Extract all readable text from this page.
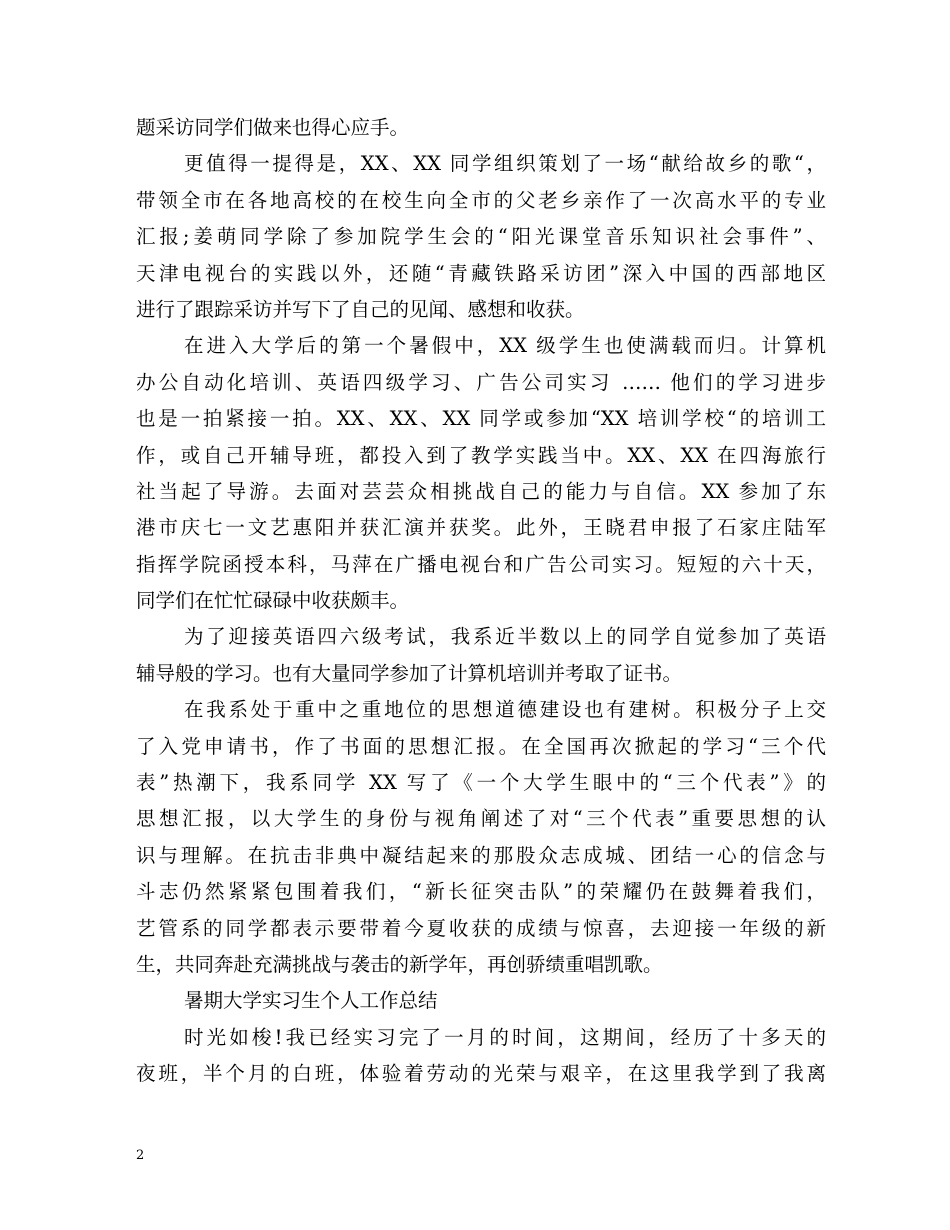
题采访同学们做来也得心应手。
更值得一提得是，XX、XX 同学组织策划了一场“献给故乡的歌“，
带领全市在各地高校的在校生向全市的父老乡亲作了一次高水平的专业
汇报;姜萌同学除了参加院学生会的“阳光课堂音乐知识社会事件”、
天津电视台的实践以外，还随“青藏铁路采访团”深入中国的西部地区
进行了跟踪采访并写下了自己的见闻、感想和收获。
在进入大学后的第一个暑假中，XX 级学生也使满载而归。计算机
办公自动化培训、英语四级学习、广告公司实习 …… 他们的学习进步
也是一拍紧接一拍。XX、XX、XX 同学或参加“XX 培训学校“的培训工
作，或自己开辅导班，都投入到了教学实践当中。XX、XX 在四海旅行
社当起了导游。去面对芸芸众相挑战自己的能力与自信。XX 参加了东
港市庆七一文艺惠阳并获汇演并获奖。此外，王晓君申报了石家庄陆军
指挥学院函授本科，马萍在广播电视台和广告公司实习。短短的六十天，
同学们在忙忙碌碌中收获颇丰。
为了迎接英语四六级考试，我系近半数以上的同学自觉参加了英语
辅导般的学习。也有大量同学参加了计算机培训并考取了证书。
在我系处于重中之重地位的思想道德建设也有建树。积极分子上交
了入党申请书，作了书面的思想汇报。在全国再次掀起的学习“三个代
表”热潮下，我系同学 XX 写了《一个大学生眼中的“三个代表”》的
思想汇报，以大学生的身份与视角阐述了对“三个代表”重要思想的认
识与理解。在抗击非典中凝结起来的那股众志成城、团结一心的信念与
斗志仍然紧紧包围着我们，“新长征突击队”的荣耀仍在鼓舞着我们，
艺管系的同学都表示要带着今夏收获的成绩与惊喜，去迎接一年级的新
生，共同奔赴充满挑战与袭击的新学年，再创骄绩重唱凯歌。
暑期大学实习生个人工作总结
时光如梭!我已经实习完了一月的时间，这期间，经历了十多天的
夜班，半个月的白班，体验着劳动的光荣与艰辛，在这里我学到了我离
2
